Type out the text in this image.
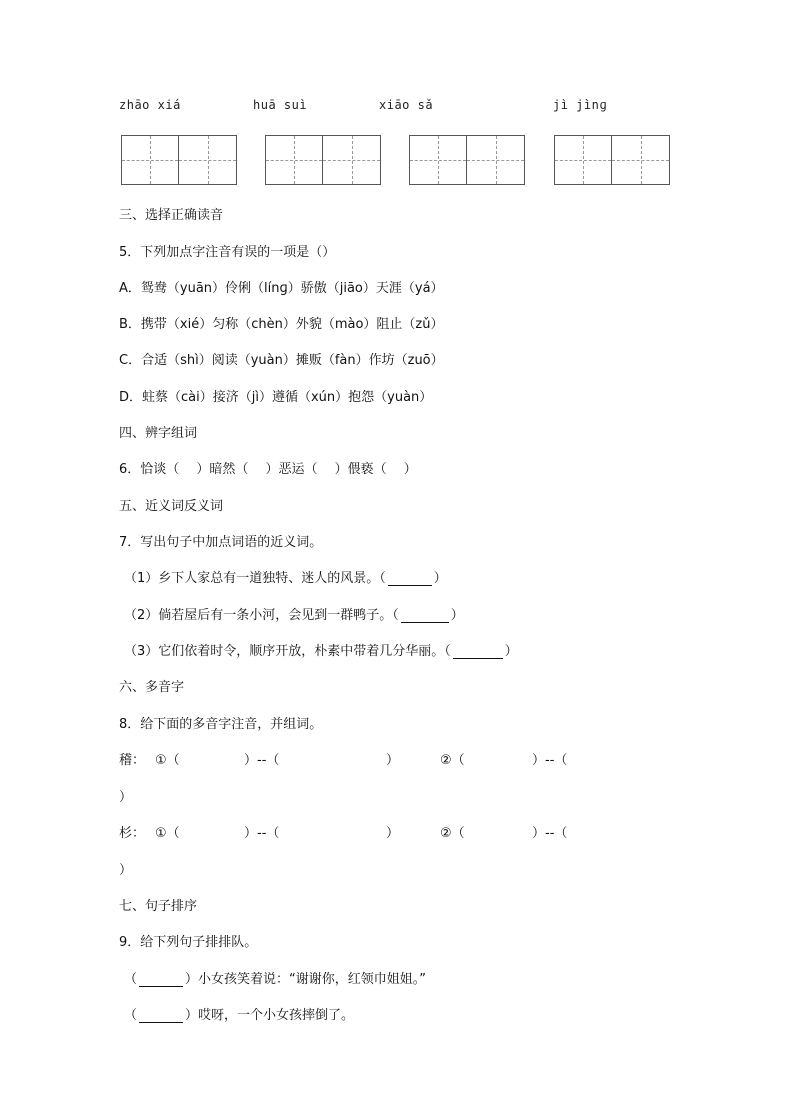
zhāo xiá	huā suì	xiāo sǎ	jì jìnɡ
三、选择正确读音
5．下列加点字注音有误的一项是（）
A．鸳鸯（yuān）伶俐（línɡ）骄傲（jiāo）天涯（yá）
B．携带（xié）匀称（chèn）外貌（mào）阻止（zǔ）
C．合适（shì）阅读（yuàn）摊贩（fàn）作坊（zuō）
D．蛀蔡（cài）接济（jì）遵循（xún）抱怨（yuàn）
四、辨字组词
6．恰谈（　 ）暗然（　 ）恶运（　 ）偎亵（　 ）
五、近义词反义词
7．写出句子中加点词语的近义词。
（1）乡下人家总有一道独特、迷人的风景。（	）
（2）倘若屋后有一条小河，会见到一群鸭子。（	）
（3）它们依着时令，顺序开放，朴素中带着几分华丽。（	）
六、多音字
8．给下面的多音字注音，并组词。
稽： ①（	）--（	）	②（	）--（
）
杉： ①（	）--（	）	②（	）--（
）
七、句子排序
9．给下列句子排排队。
（	）小女孩笑着说：“谢谢你，红领巾姐姐。”
（	）哎呀，一个小女孩摔倒了。
